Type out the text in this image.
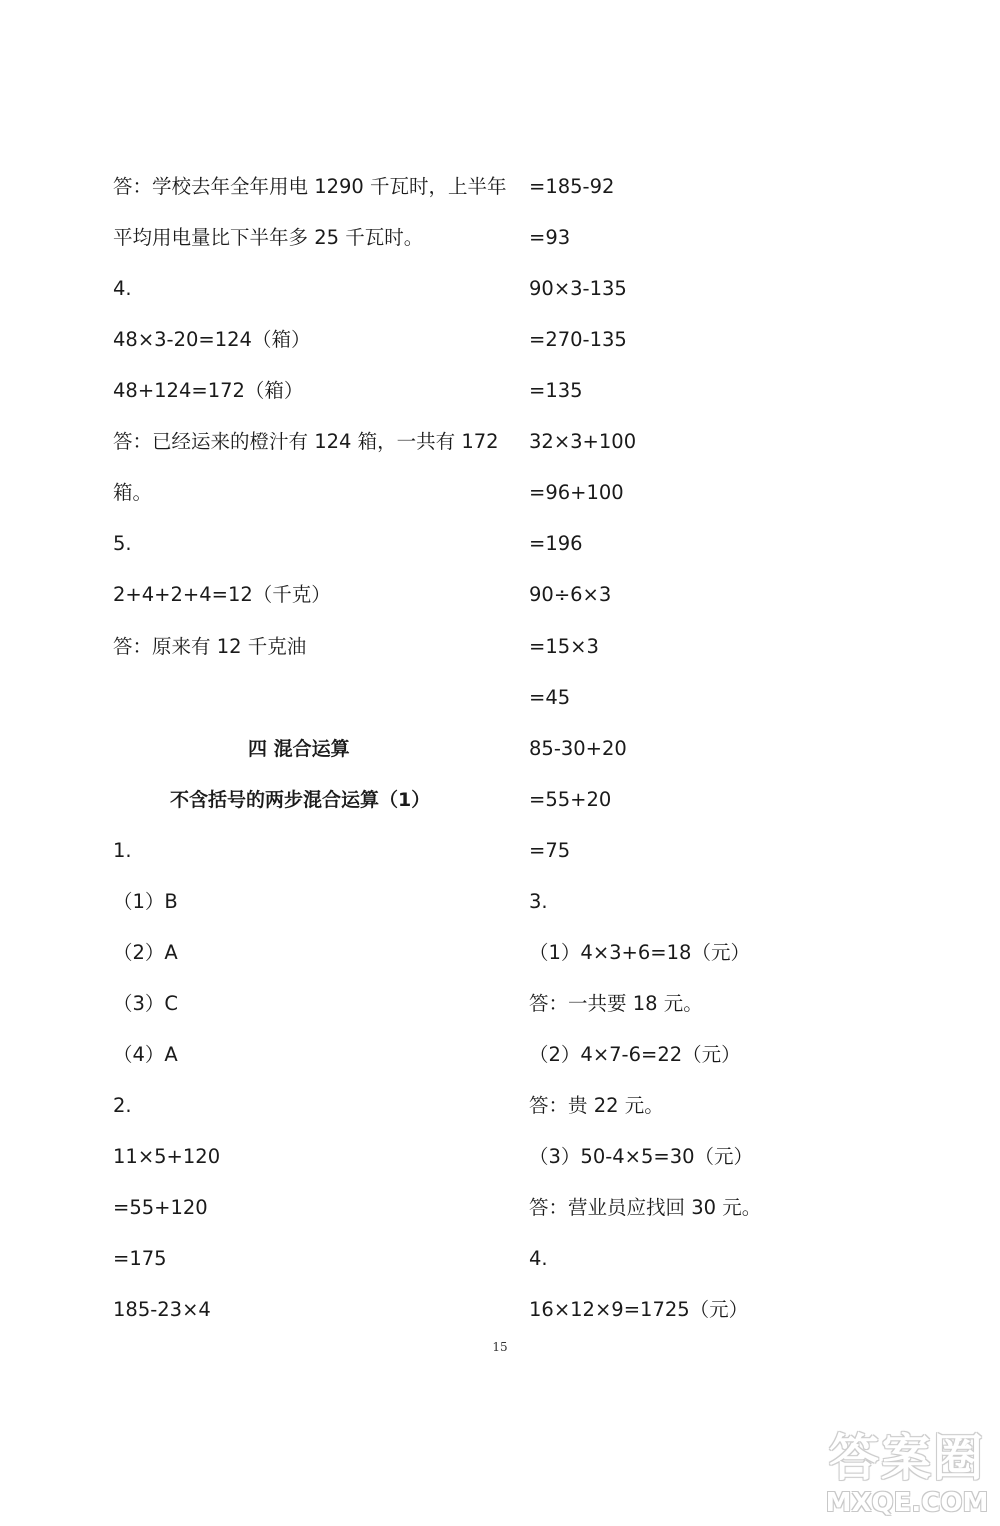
答：学校去年全年用电 1290 千瓦时，上半年
平均用电量比下半年多 25 千瓦时。
4.
48×3-20=124（箱）
48+124=172（箱）
答：已经运来的橙汁有 124 箱，一共有 172
箱。
5.
2+4+2+4=12（千克）
答：原来有 12 千克油
四 混合运算
不含括号的两步混合运算（1）
1.
（1）B
（2）A
（3）C
（4）A
2.
11×5+120
=55+120
=175
185-23×4
=185-92
=93
90×3-135
=270-135
=135
32×3+100
=96+100
=196
90÷6×3
=15×3
=45
85-30+20
=55+20
=75
3.
（1）4×3+6=18（元）
答：一共要 18 元。
（2）4×7-6=22（元）
答：贵 22 元。
（3）50-4×5=30（元）
答：营业员应找回 30 元。
4.
16×12×9=1725（元）
15
答案圈
MXQE.COM
